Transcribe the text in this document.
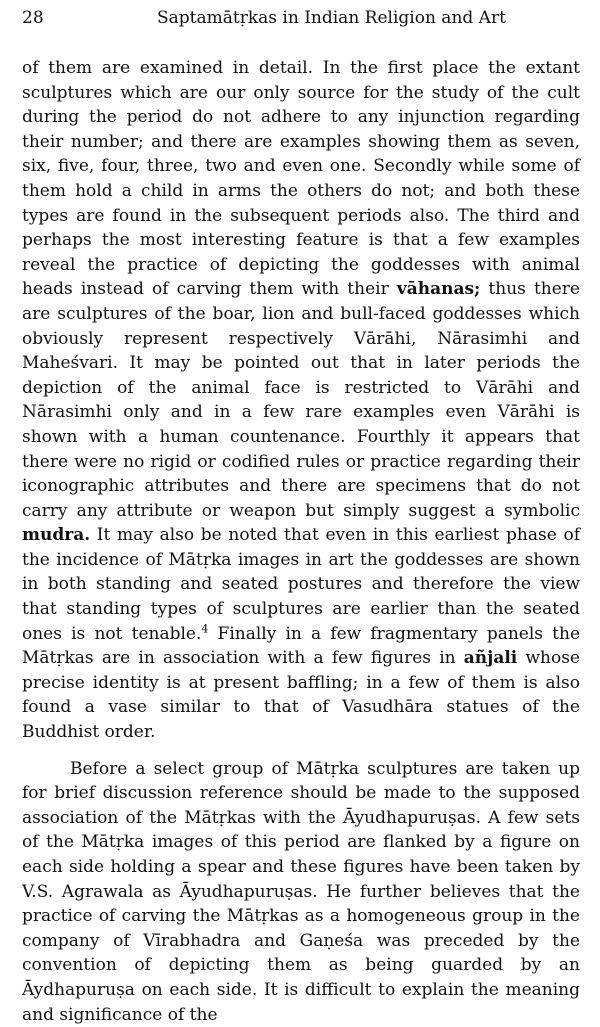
28	Saptamātṛkas in Indian Religion and Art

of them are examined in detail. In the first place the extant sculptures which are our only source for the study of the cult during the period do not adhere to any injunction regarding their number; and there are examples showing them as seven, six, five, four, three, two and even one. Secondly while some of them hold a child in arms the others do not; and both these types are found in the subsequent periods also. The third and perhaps the most interesting feature is that a few examples reveal the practice of depicting the goddesses with animal heads instead of carving them with their vāhanas; thus there are sculptures of the boar, lion and bull-faced goddesses which obviously represent respectively Vārāhi, Nārasimhi and Maheśvari. It may be pointed out that in later periods the depiction of the animal face is restricted to Vārāhi and Nārasimhi only and in a few rare examples even Vārāhi is shown with a human countenance. Fourthly it appears that there were no rigid or codified rules or practice regarding their iconographic attributes and there are specimens that do not carry any attribute or weapon but simply suggest a symbolic mudra. It may also be noted that even in this earliest phase of the incidence of Mātṛka images in art the goddesses are shown in both standing and seated postures and therefore the view that standing types of sculptures are earlier than the seated ones is not tenable.$^4$ Finally in a few fragmentary panels the Mātṛkas are in association with a few figures in añjali whose precise identity is at present baffling; in a few of them is also found a vase similar to that of Vasudhāra statues of the Buddhist order.

Before a select group of Mātṛka sculptures are taken up for brief discussion reference should be made to the supposed association of the Mātṛkas with the Āyudhapuruṣas. A few sets of the Mātṛka images of this period are flanked by a figure on each side holding a spear and these figures have been taken by V.S. Agrawala as Āyudhapuruṣas. He further believes that the practice of carving the Mātṛkas as a homogeneous group in the company of Vīrabhadra and Gaṇeśa was preceded by the convention of depicting them as being guarded by an Āydhapuruṣa on each side. It is difficult to explain the meaning and significance of the
